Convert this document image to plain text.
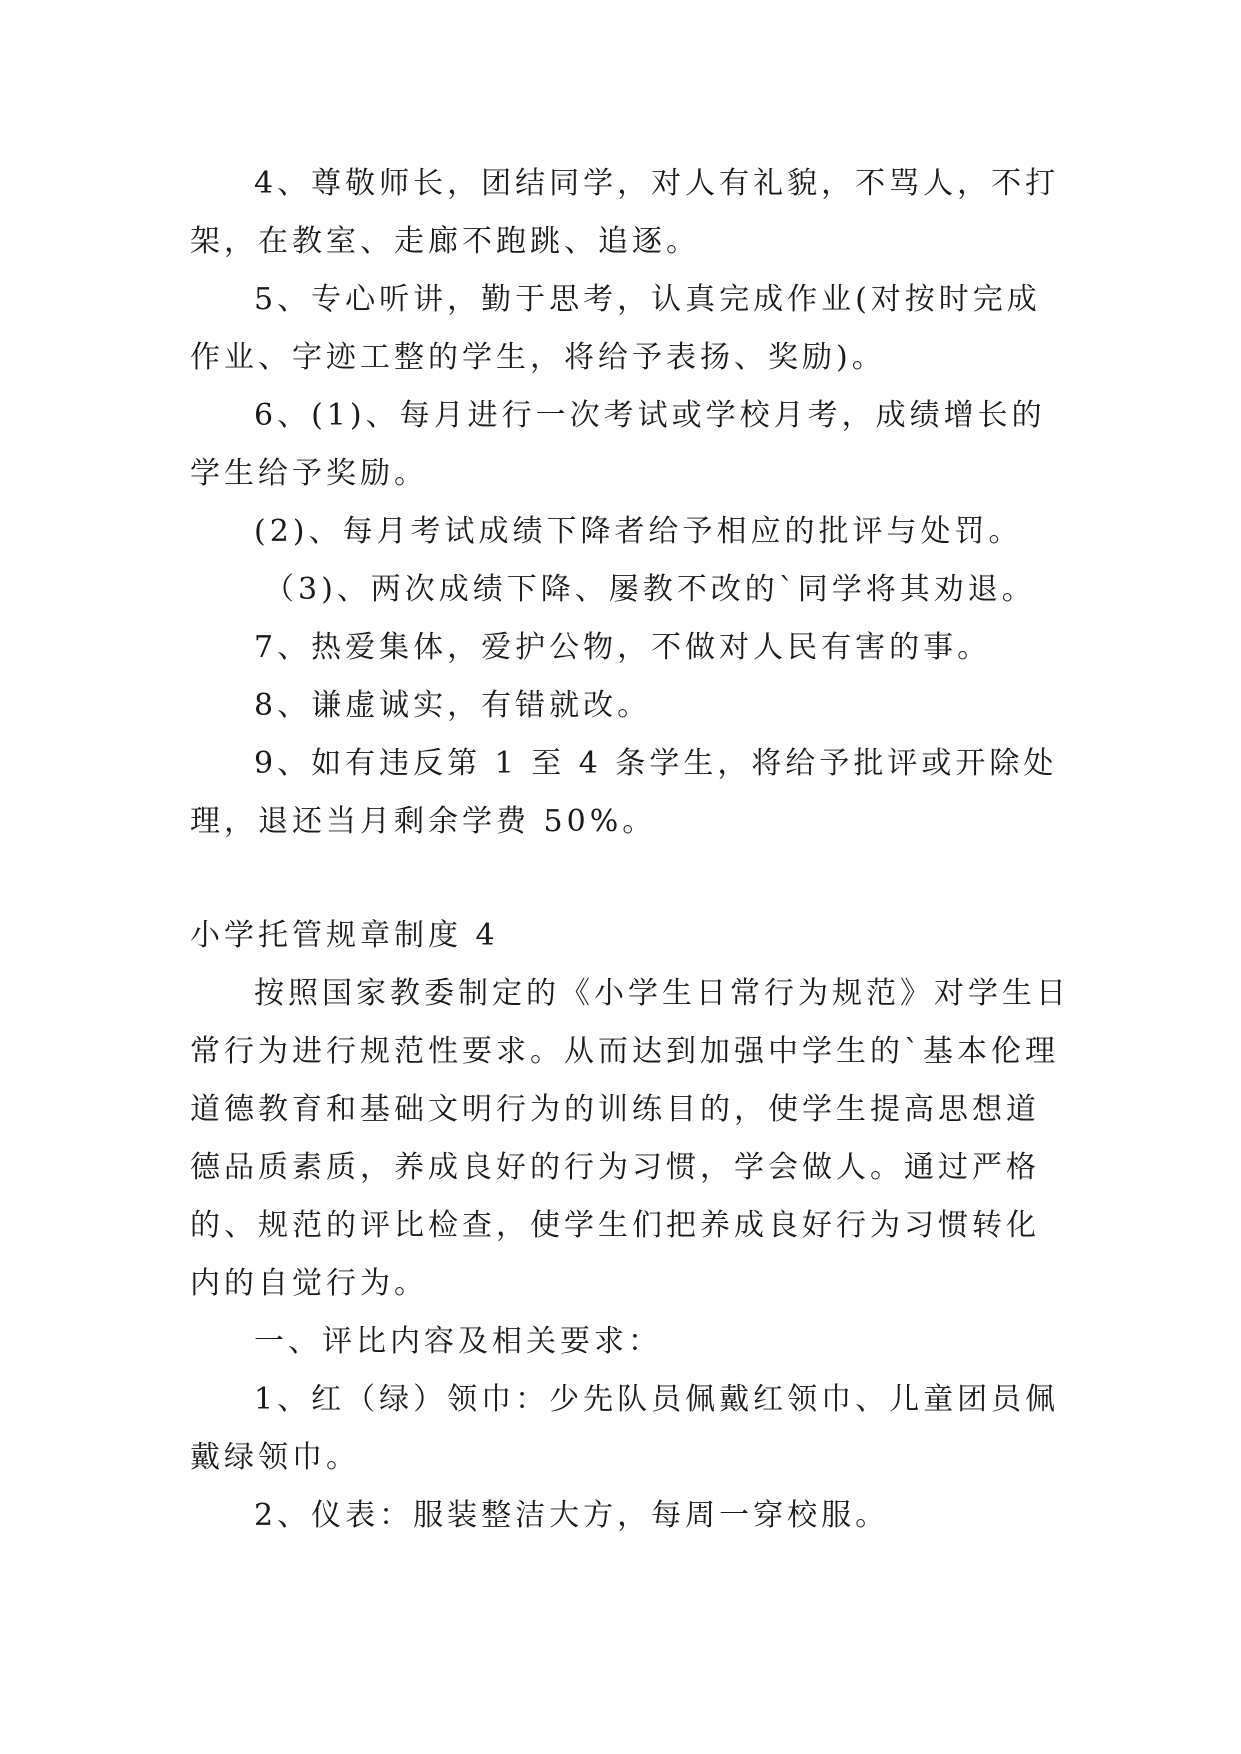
4、尊敬师长，团结同学，对人有礼貌，不骂人，不打架，在教室、走廊不跑跳、追逐。

5、专心听讲，勤于思考，认真完成作业(对按时完成作业、字迹工整的学生，将给予表扬、奖励)。

6、(1)、每月进行一次考试或学校月考，成绩增长的学生给予奖励。

(2)、每月考试成绩下降者给予相应的批评与处罚。

（3)、两次成绩下降、屡教不改的`同学将其劝退。

7、热爱集体，爱护公物，不做对人民有害的事。

8、谦虚诚实，有错就改。

9、如有违反第 1 至 4 条学生，将给予批评或开除处理，退还当月剩余学费 50%。

小学托管规章制度 4

按照国家教委制定的《小学生日常行为规范》对学生日常行为进行规范性要求。从而达到加强中学生的`基本伦理道德教育和基础文明行为的训练目的，使学生提高思想道德品质素质，养成良好的行为习惯，学会做人。通过严格的、规范的评比检查，使学生们把养成良好行为习惯转化内的自觉行为。

一、评比内容及相关要求：

1、红（绿）领巾：少先队员佩戴红领巾、儿童团员佩戴绿领巾。

2、仪表：服装整洁大方，每周一穿校服。
